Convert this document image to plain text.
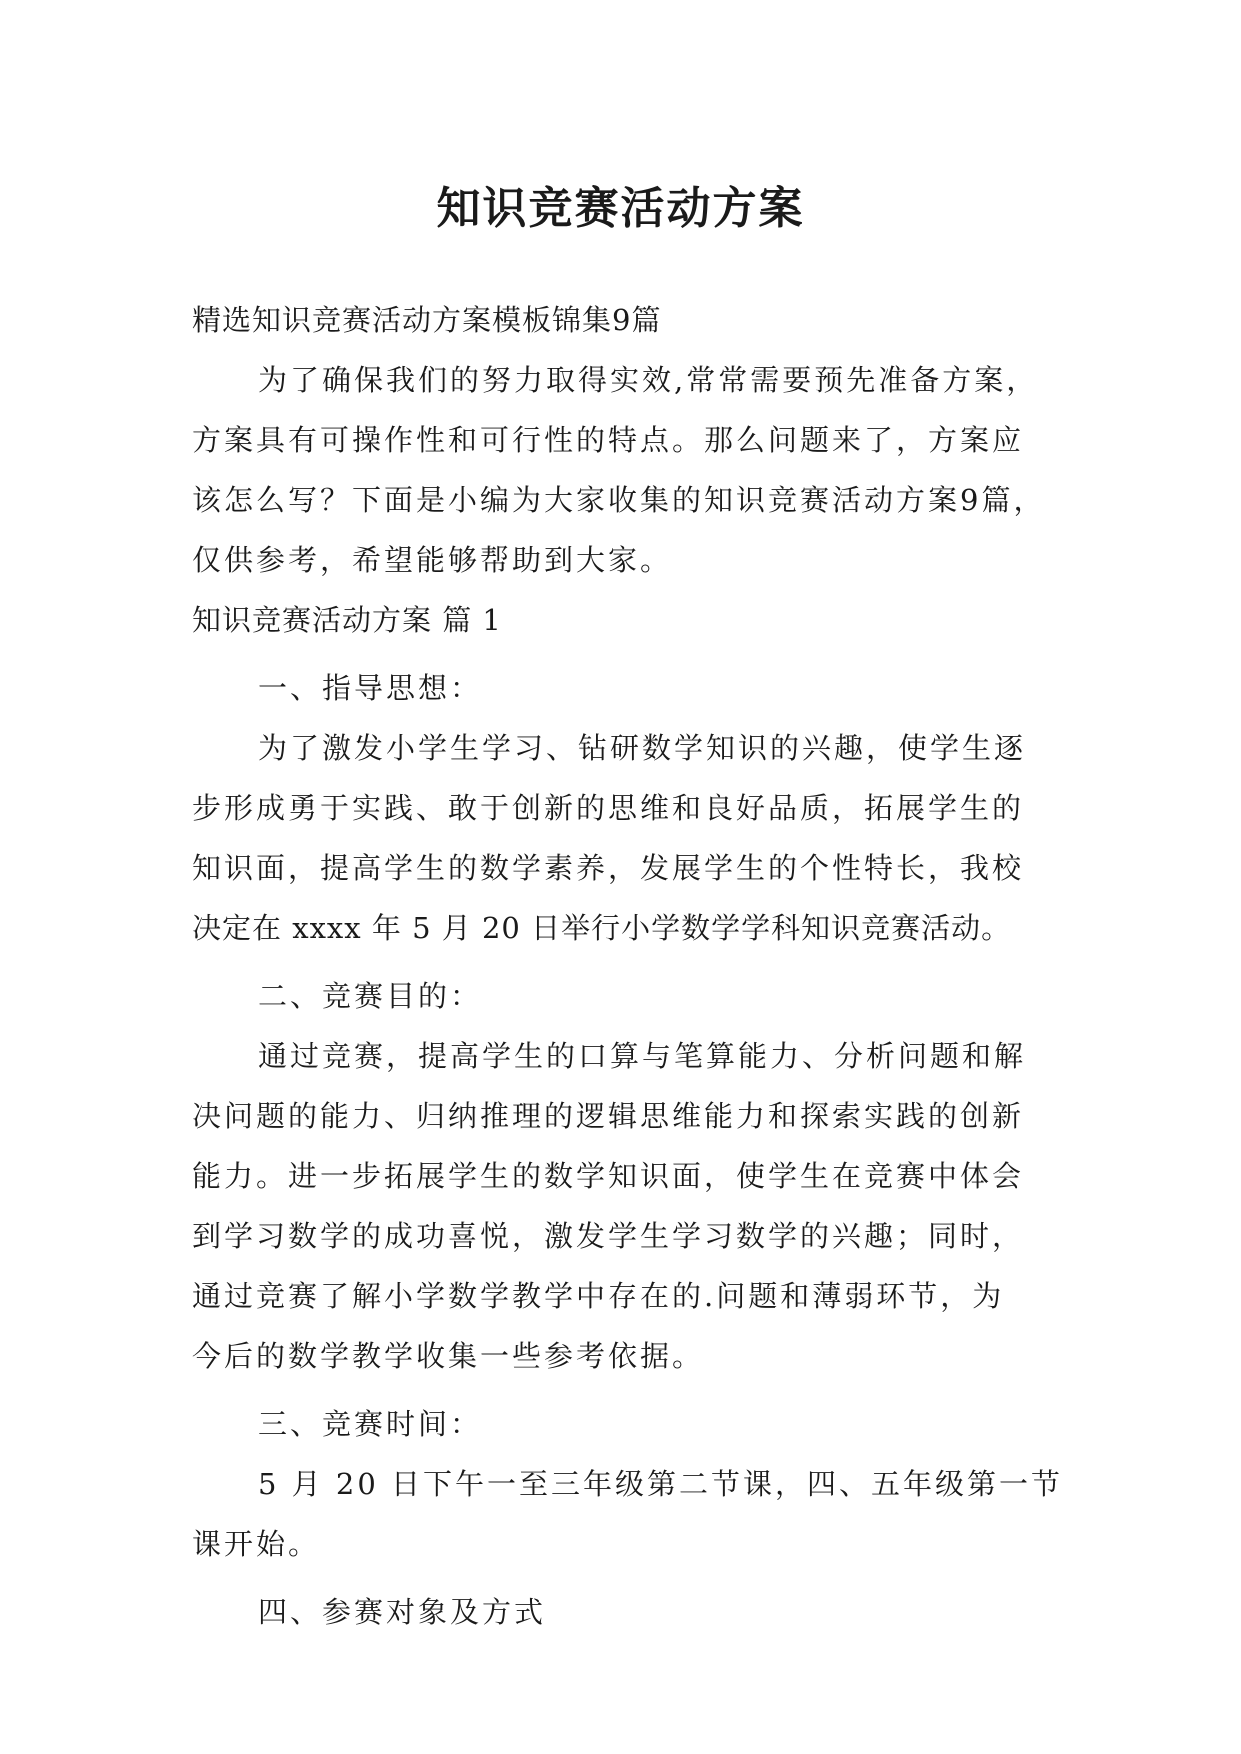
知识竞赛活动方案

精选知识竞赛活动方案模板锦集9篇

为了确保我们的努力取得实效,常常需要预先准备方案，

方案具有可操作性和可行性的特点。那么问题来了，方案应

该怎么写？下面是小编为大家收集的知识竞赛活动方案9篇，

仅供参考，希望能够帮助到大家。

知识竞赛活动方案 篇 1

一、指导思想：

为了激发小学生学习、钻研数学知识的兴趣，使学生逐

步形成勇于实践、敢于创新的思维和良好品质，拓展学生的

知识面，提高学生的数学素养，发展学生的个性特长，我校

决定在 xxxx 年 5 月 20 日举行小学数学学科知识竞赛活动。

二、竞赛目的：

通过竞赛，提高学生的口算与笔算能力、分析问题和解

决问题的能力、归纳推理的逻辑思维能力和探索实践的创新

能力。进一步拓展学生的数学知识面，使学生在竞赛中体会

到学习数学的成功喜悦，激发学生学习数学的兴趣；同时，

通过竞赛了解小学数学教学中存在的.问题和薄弱环节，为

今后的数学教学收集一些参考依据。

三、竞赛时间：

5 月 20 日下午一至三年级第二节课，四、五年级第一节

课开始。

四、参赛对象及方式
